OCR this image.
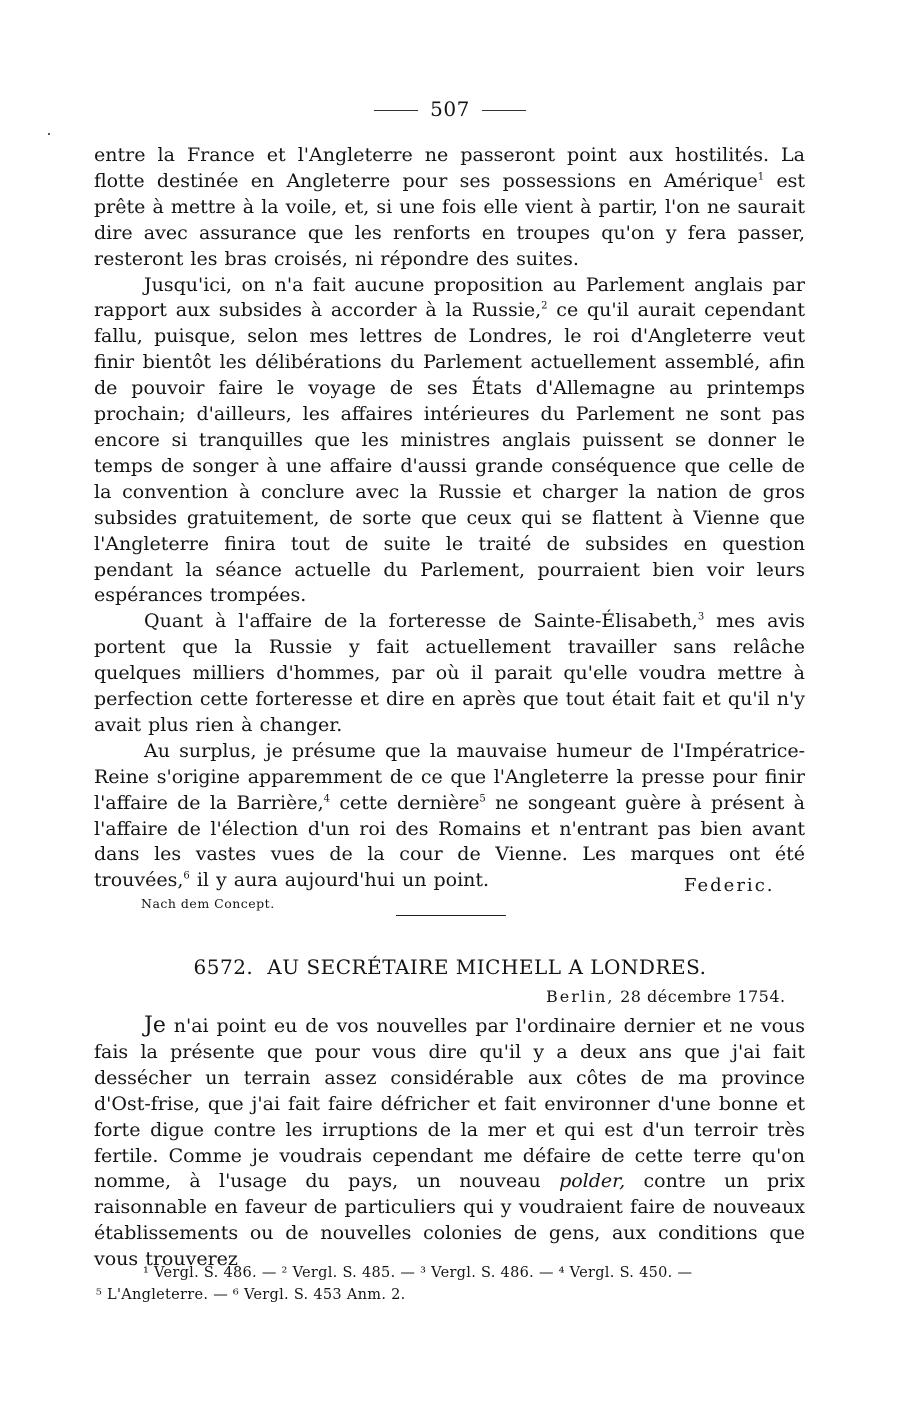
507

entre la France et l'Angleterre ne passeront point aux hostilités. La flotte destinée en Angleterre pour ses possessions en Amérique$^1$ est prête à mettre à la voile, et, si une fois elle vient à partir, l'on ne saurait dire avec assurance que les renforts en troupes qu'on y fera passer, resteront les bras croisés, ni répondre des suites.

Jusqu'ici, on n'a fait aucune proposition au Parlement anglais par rapport aux subsides à accorder à la Russie,$^2$ ce qu'il aurait cependant fallu, puisque, selon mes lettres de Londres, le roi d'Angleterre veut finir bientôt les délibérations du Parlement actuellement assemblé, afin de pouvoir faire le voyage de ses États d'Allemagne au printemps prochain; d'ailleurs, les affaires intérieures du Parlement ne sont pas encore si tranquilles que les ministres anglais puissent se donner le temps de songer à une affaire d'aussi grande conséquence que celle de la convention à conclure avec la Russie et charger la nation de gros subsides gratuitement, de sorte que ceux qui se flattent à Vienne que l'Angleterre finira tout de suite le traité de subsides en question pendant la séance actuelle du Parlement, pourraient bien voir leurs espérances trompées.

Quant à l'affaire de la forteresse de Sainte-Élisabeth,$^3$ mes avis portent que la Russie y fait actuellement travailler sans relâche quelques milliers d'hommes, par où il parait qu'elle voudra mettre à perfection cette forteresse et dire en après que tout était fait et qu'il n'y avait plus rien à changer.

Au surplus, je présume que la mauvaise humeur de l'Impératrice-Reine s'origine apparemment de ce que l'Angleterre la presse pour finir l'affaire de la Barrière,$^4$ cette dernière$^5$ ne songeant guère à présent à l'affaire de l'élection d'un roi des Romains et n'entrant pas bien avant dans les vastes vues de la cour de Vienne. Les marques ont été trouvées,$^6$ il y aura aujourd'hui un point.	Federic.
Nach dem Concept.
6572. AU SECRÉTAIRE MICHELL A LONDRES.
Berlin, 28 décembre 1754.

Je n'ai point eu de vos nouvelles par l'ordinaire dernier et ne vous fais la présente que pour vous dire qu'il y a deux ans que j'ai fait dessécher un terrain assez considérable aux côtes de ma province d'Ost-frise, que j'ai fait faire défricher et fait environner d'une bonne et forte digue contre les irruptions de la mer et qui est d'un terroir très fertile. Comme je voudrais cependant me défaire de cette terre qu'on nomme, à l'usage du pays, un nouveau polder, contre un prix raisonnable en faveur de particuliers qui y voudraient faire de nouveaux établissements ou de nouvelles colonies de gens, aux conditions que vous trouverez

¹ Vergl. S. 486. — ² Vergl. S. 485. — ³ Vergl. S. 486. — ⁴ Vergl. S. 450. —
⁵ L'Angleterre. — ⁶ Vergl. S. 453 Anm. 2.
